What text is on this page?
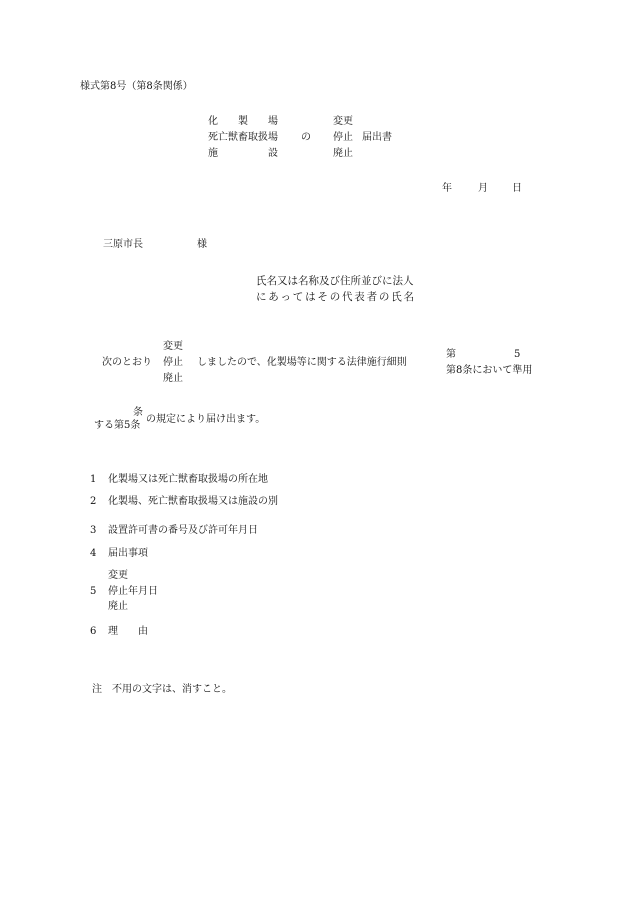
様式第8号（第8条関係）
化　　製　　場
死亡獣畜取扱場
施　　　　　設
の
変更
停止
廃止
届出書
年	月 日
三原市長	様
氏名又は名称及び住所並びに法人
にあってはその代表者の氏名
次のとおり
変更
停止
廃止
しましたので、化製場等に関する法律施行細則
第	5
第8条において準用
条
する第5条
の規定により届け出ます。
1 化製場又は死亡獣畜取扱場の所在地
2 化製場、死亡獣畜取扱場又は施設の別
3 設置許可書の番号及び許可年月日
4 届出事項
変更
5 停止年月日
廃止
6 理　　由
注　不用の文字は、消すこと。
